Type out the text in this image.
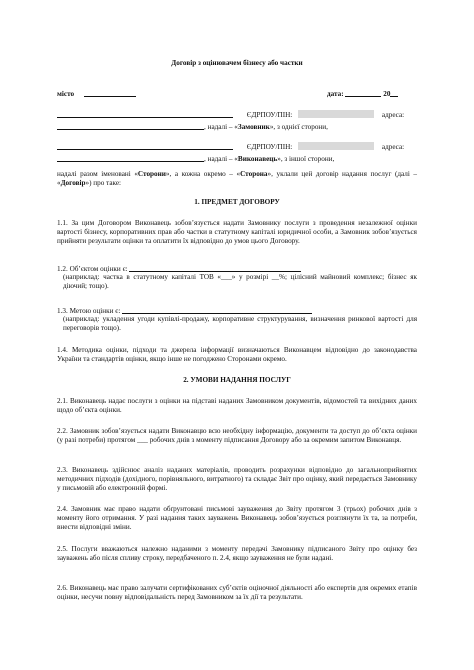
Договір з оцінювачем бізнесу або частки
місто	дата:	20
ЄДРПОУ/ПІН:	адреса:
, надалі – «Замовник», з однієї сторони,
ЄДРПОУ/ПІН:	адреса:
, надалі – «Виконавець», з іншої сторони,
надалі разом іменовані «Сторони», а кожна окремо – «Сторона», уклали цей договір надання послуг (далі – «Договір») про таке:
1. ПРЕДМЕТ ДОГОВОРУ
1.1. За цим Договором Виконавець зобов’язується надати Замовнику послуги з проведення незалежної оцінки вартості бізнесу, корпоративних прав або частки в статутному капіталі юридичної особи, а Замовник зобов’язується прийняти результати оцінки та оплатити їх відповідно до умов цього Договору.
1.2. Об’єктом оцінки є:
(наприклад: частка в статутному капіталі ТОВ «___» у розмірі __%; цілісний майновий комплекс; бізнес як діючий; тощо).
1.3. Метою оцінки є:
(наприклад: укладення угоди купівлі-продажу, корпоративне структурування, визначення ринкової вартості для переговорів тощо).
1.4. Методика оцінки, підходи та джерела інформації визначаються Виконавцем відповідно до законодавства України та стандартів оцінки, якщо інше не погоджено Сторонами окремо.
2. УМОВИ НАДАННЯ ПОСЛУГ
2.1. Виконавець надає послуги з оцінки на підставі наданих Замовником документів, відомостей та вихідних даних щодо об’єкта оцінки.
2.2. Замовник зобов’язується надати Виконавцю всю необхідну інформацію, документи та доступ до об’єкта оцінки (у разі потреби) протягом ___ робочих днів з моменту підписання Договору або за окремим запитом Виконавця.
2.3. Виконавець здійснює аналіз наданих матеріалів, проводить розрахунки відповідно до загальноприйнятих методичних підходів (дохідного, порівняльного, витратного) та складає Звіт про оцінку, який передається Замовнику у письмовій або електронній формі.
2.4. Замовник має право надати обґрунтовані письмові зауваження до Звіту протягом 3 (трьох) робочих днів з моменту його отримання. У разі надання таких зауважень Виконавець зобов’язується розглянути їх та, за потреби, внести відповідні зміни.
2.5. Послуги вважаються належно наданими з моменту передачі Замовнику підписаного Звіту про оцінку без зауважень або після спливу строку, передбаченого п. 2.4, якщо зауваження не були надані.
2.6. Виконавець має право залучати сертифікованих суб’єктів оціночної діяльності або експертів для окремих етапів оцінки, несучи повну відповідальність перед Замовником за їх дії та результати.
